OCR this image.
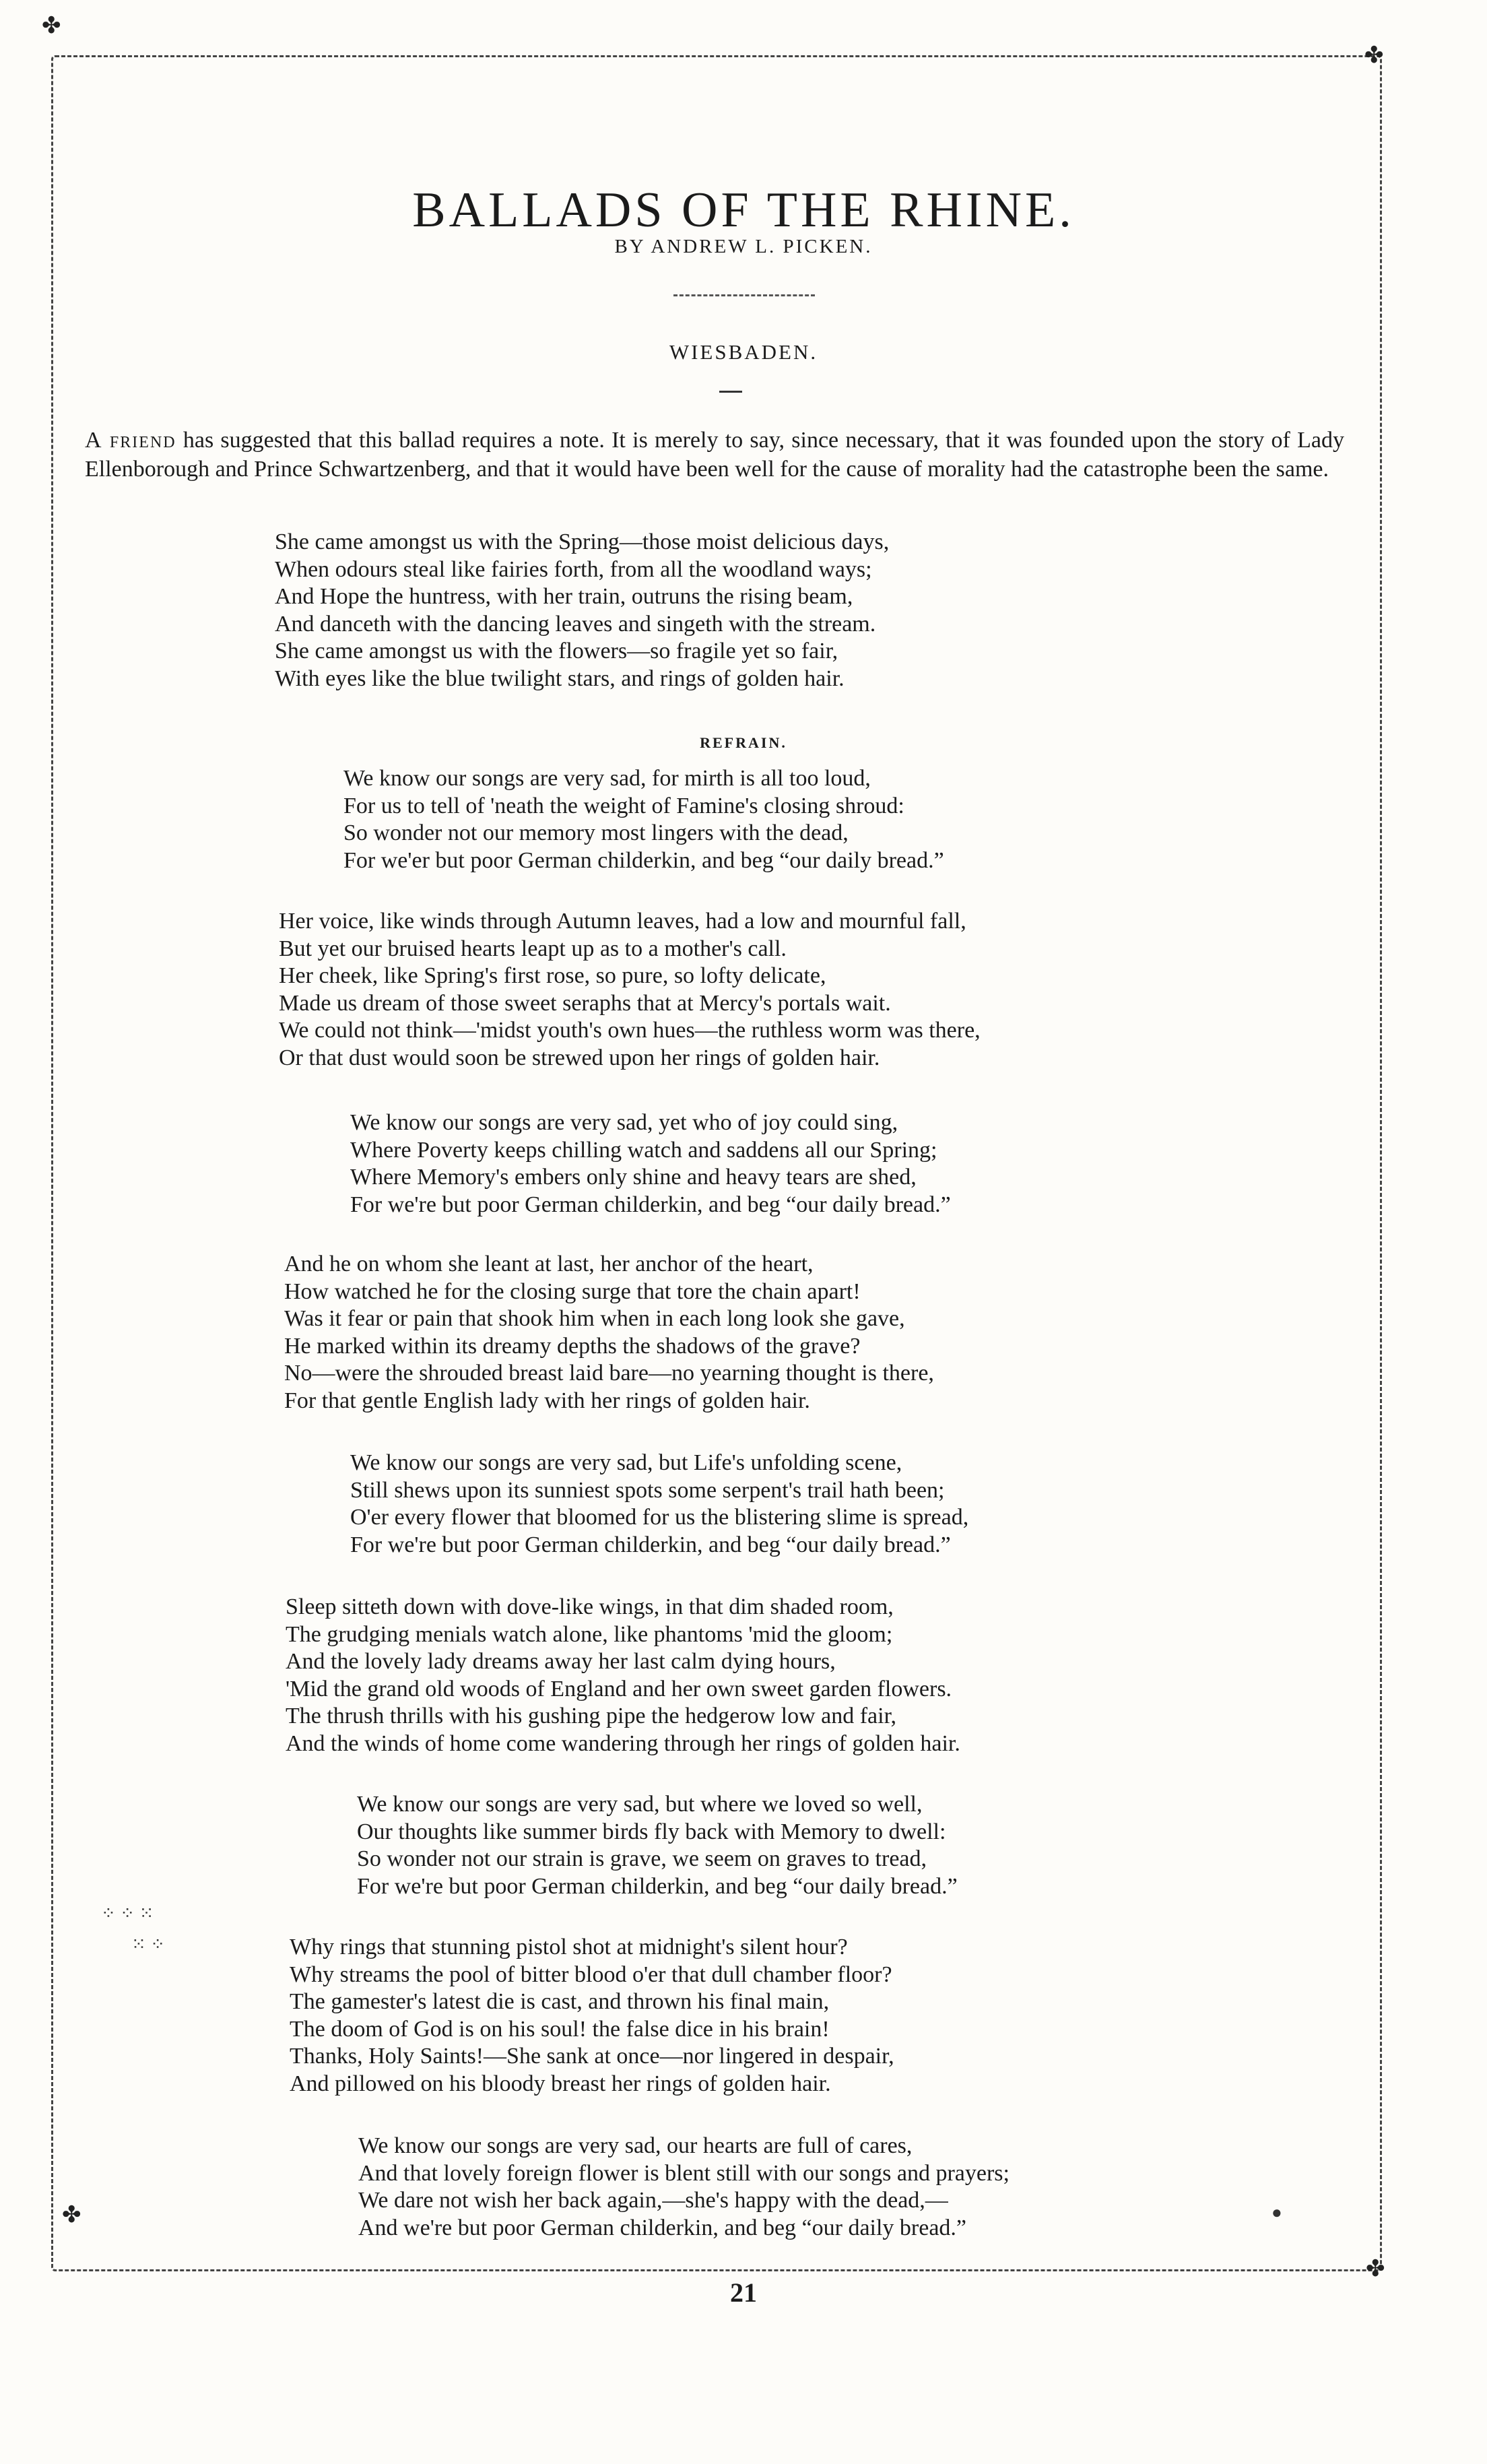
✤
✤
✤
✤
⁘ ⁘ ⁙
⁙ ⁘
●
BALLADS OF THE RHINE.
BY ANDREW L. PICKEN.
WIESBADEN.

A friend has suggested that this ballad requires a note. It is merely to say, since necessary, that it was founded upon the story of Lady Ellenborough and Prince Schwartzenberg, and that it would have been well for the cause of morality had the catastrophe been the same.

She came amongst us with the Spring—those moist delicious days,
When odours steal like fairies forth, from all the woodland ways;
And Hope the huntress, with her train, outruns the rising beam,
And danceth with the dancing leaves and singeth with the stream.
She came amongst us with the flowers—so fragile yet so fair,
With eyes like the blue twilight stars, and rings of golden hair.
REFRAIN.
We know our songs are very sad, for mirth is all too loud,
For us to tell of 'neath the weight of Famine's closing shroud:
So wonder not our memory most lingers with the dead,
For we'er but poor German childerkin, and beg “our daily bread.”
Her voice, like winds through Autumn leaves, had a low and mournful fall,
But yet our bruised hearts leapt up as to a mother's call.
Her cheek, like Spring's first rose, so pure, so lofty delicate,
Made us dream of those sweet seraphs that at Mercy's portals wait.
We could not think—'midst youth's own hues—the ruthless worm was there,
Or that dust would soon be strewed upon her rings of golden hair.
We know our songs are very sad, yet who of joy could sing,
Where Poverty keeps chilling watch and saddens all our Spring;
Where Memory's embers only shine and heavy tears are shed,
For we're but poor German childerkin, and beg “our daily bread.”
And he on whom she leant at last, her anchor of the heart,
How watched he for the closing surge that tore the chain apart!
Was it fear or pain that shook him when in each long look she gave,
He marked within its dreamy depths the shadows of the grave?
No—were the shrouded breast laid bare—no yearning thought is there,
For that gentle English lady with her rings of golden hair.
We know our songs are very sad, but Life's unfolding scene,
Still shews upon its sunniest spots some serpent's trail hath been;
O'er every flower that bloomed for us the blistering slime is spread,
For we're but poor German childerkin, and beg “our daily bread.”
Sleep sitteth down with dove-like wings, in that dim shaded room,
The grudging menials watch alone, like phantoms 'mid the gloom;
And the lovely lady dreams away her last calm dying hours,
'Mid the grand old woods of England and her own sweet garden flowers.
The thrush thrills with his gushing pipe the hedgerow low and fair,
And the winds of home come wandering through her rings of golden hair.
We know our songs are very sad, but where we loved so well,
Our thoughts like summer birds fly back with Memory to dwell:
So wonder not our strain is grave, we seem on graves to tread,
For we're but poor German childerkin, and beg “our daily bread.”
Why rings that stunning pistol shot at midnight's silent hour?
Why streams the pool of bitter blood o'er that dull chamber floor?
The gamester's latest die is cast, and thrown his final main,
The doom of God is on his soul! the false dice in his brain!
Thanks, Holy Saints!—She sank at once—nor lingered in despair,
And pillowed on his bloody breast her rings of golden hair.
We know our songs are very sad, our hearts are full of cares,
And that lovely foreign flower is blent still with our songs and prayers;
We dare not wish her back again,—she's happy with the dead,—
And we're but poor German childerkin, and beg “our daily bread.”
21
